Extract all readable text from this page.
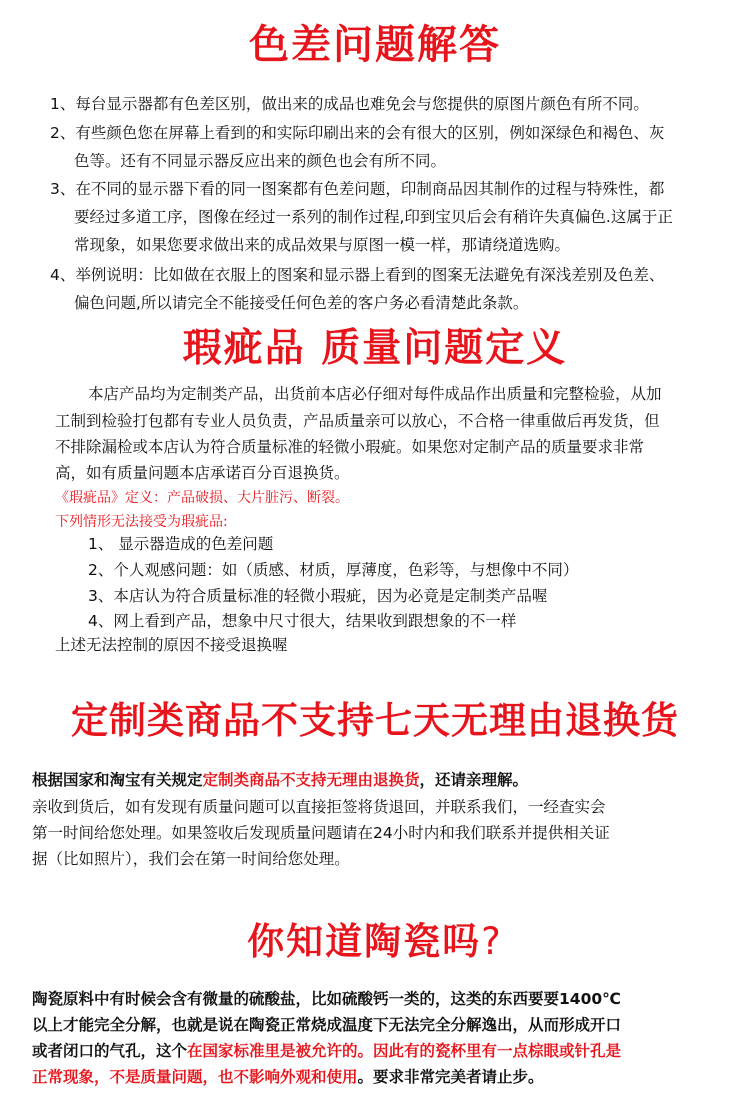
色差问题解答
1、每台显示器都有色差区别，做出来的成品也难免会与您提供的原图片颜色有所不同。
2、有些颜色您在屏幕上看到的和实际印刷出来的会有很大的区别，例如深绿色和褐色、灰
色等。还有不同显示器反应出来的颜色也会有所不同。
3、在不同的显示器下看的同一图案都有色差问题，印制商品因其制作的过程与特殊性，都
要经过多道工序，图像在经过一系列的制作过程,印到宝贝后会有稍许失真偏色.这属于正
常现象，如果您要求做出来的成品效果与原图一模一样，那请绕道选购。
4、举例说明：比如做在衣服上的图案和显示器上看到的图案无法避免有深浅差别及色差、
偏色问题,所以请完全不能接受任何色差的客户务必看清楚此条款。
瑕疵品 质量问题定义
本店产品均为定制类产品，出货前本店必仔细对每件成品作出质量和完整检验，从加
工制到检验打包都有专业人员负责，产品质量亲可以放心，不合格一律重做后再发货，但
不排除漏检或本店认为符合质量标准的轻微小瑕疵。如果您对定制产品的质量要求非常
高，如有质量问题本店承诺百分百退换货。
《瑕疵品》定义：产品破损、大片脏污、断裂。
下列情形无法接受为瑕疵品:
1、 显示器造成的色差问题
2、个人观感问题：如（质感、材质，厚薄度，色彩等，与想像中不同）
3、本店认为符合质量标准的轻微小瑕疵，因为必竟是定制类产品喔
4、网上看到产品，想象中尺寸很大，结果收到跟想象的不一样
上述无法控制的原因不接受退换喔
定制类商品不支持七天无理由退换货
根据国家和淘宝有关规定定制类商品不支持无理由退换货，还请亲理解。
亲收到货后，如有发现有质量问题可以直接拒签将货退回，并联系我们，一经查实会
第一时间给您处理。如果签收后发现质量问题请在24小时内和我们联系并提供相关证
据（比如照片），我们会在第一时间给您处理。
你知道陶瓷吗?
陶瓷原料中有时候会含有微量的硫酸盐，比如硫酸钙一类的，这类的东西要要1400℃
以上才能完全分解，也就是说在陶瓷正常烧成温度下无法完全分解逸出，从而形成开口
或者闭口的气孔，这个在国家标准里是被允许的。因此有的瓷杯里有一点棕眼或针孔是
正常现象，不是质量问题，也不影响外观和使用。要求非常完美者请止步。
